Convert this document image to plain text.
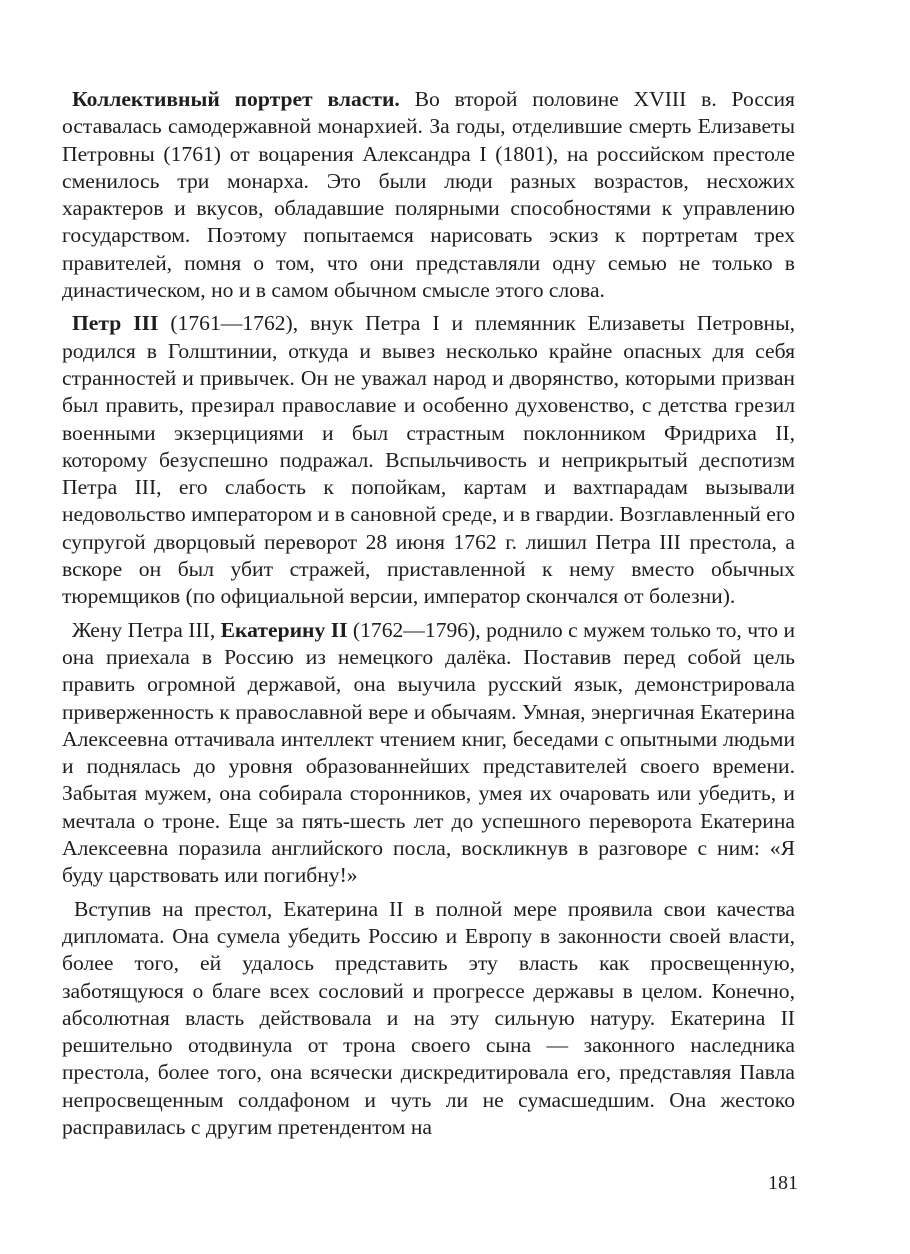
Коллективный портрет власти. Во второй половине XVIII в. Россия оставалась самодержавной монархией. За годы, отделившие смерть Елизаветы Петровны (1761) от воцарения Александра I (1801), на российском престоле сменилось три монарха. Это были люди разных возрастов, несхожих характеров и вкусов, обладавшие полярными способностями к управлению государством. Поэтому попытаемся нарисовать эскиз к портретам трех правителей, помня о том, что они представляли одну семью не только в династическом, но и в самом обычном смысле этого слова.

Петр III (1761—1762), внук Петра I и племянник Елизаветы Петровны, родился в Голштинии, откуда и вывез несколько крайне опасных для себя странностей и привычек. Он не уважал народ и дворянство, которыми призван был править, презирал православие и особенно духовенство, с детства грезил военными экзерцициями и был страстным поклонником Фридриха II, которому безуспешно подражал. Вспыльчивость и неприкрытый деспотизм Петра III, его слабость к попойкам, картам и вахтпарадам вызывали недовольство императором и в сановной среде, и в гвардии. Возглавленный его супругой дворцовый переворот 28 июня 1762 г. лишил Петра III престола, а вскоре он был убит стражей, приставленной к нему вместо обычных тюремщиков (по официальной версии, император скончался от болезни).

Жену Петра III, Екатерину II (1762—1796), роднило с мужем только то, что и она приехала в Россию из немецкого далёка. Поставив перед собой цель править огромной державой, она выучила русский язык, демонстрировала приверженность к православной вере и обычаям. Умная, энергичная Екатерина Алексеевна оттачивала интеллект чтением книг, беседами с опытными людьми и поднялась до уровня образованнейших представителей своего времени. Забытая мужем, она собирала сторонников, умея их очаровать или убедить, и мечтала о троне. Еще за пять-шесть лет до успешного переворота Екатерина Алексеевна поразила английского посла, воскликнув в разговоре с ним: «Я буду царствовать или погибну!»

Вступив на престол, Екатерина II в полной мере проявила свои качества дипломата. Она сумела убедить Россию и Европу в законности своей власти, более того, ей удалось представить эту власть как просвещенную, заботящуюся о благе всех сословий и прогрессе державы в целом. Конечно, абсолютная власть действовала и на эту сильную натуру. Екатерина II решительно отодвинула от трона своего сына — законного наследника престола, более того, она всячески дискредитировала его, представляя Павла непросвещенным солдафоном и чуть ли не сумасшедшим. Она жестоко расправилась с другим претендентом на

181
